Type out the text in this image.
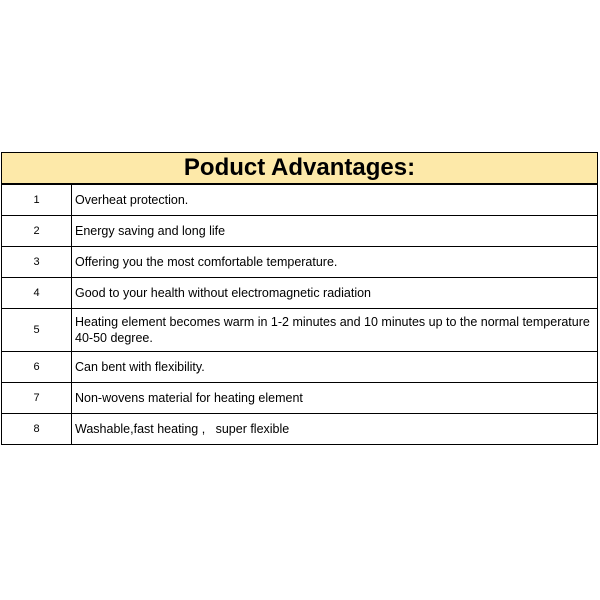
Poduct Advantages:	
1	Overheat protection.
2	Energy saving and long life
3	Offering you the most comfortable temperature.
4	Good to your health without electromagnetic radiation
5	Heating element becomes warm in 1-2 minutes and 10 minutes up to the normal temperature 40-50 degree.
6	Can bent with flexibility.
7	Non-wovens material for heating element
8	Washable,fast heating ,   super flexible
